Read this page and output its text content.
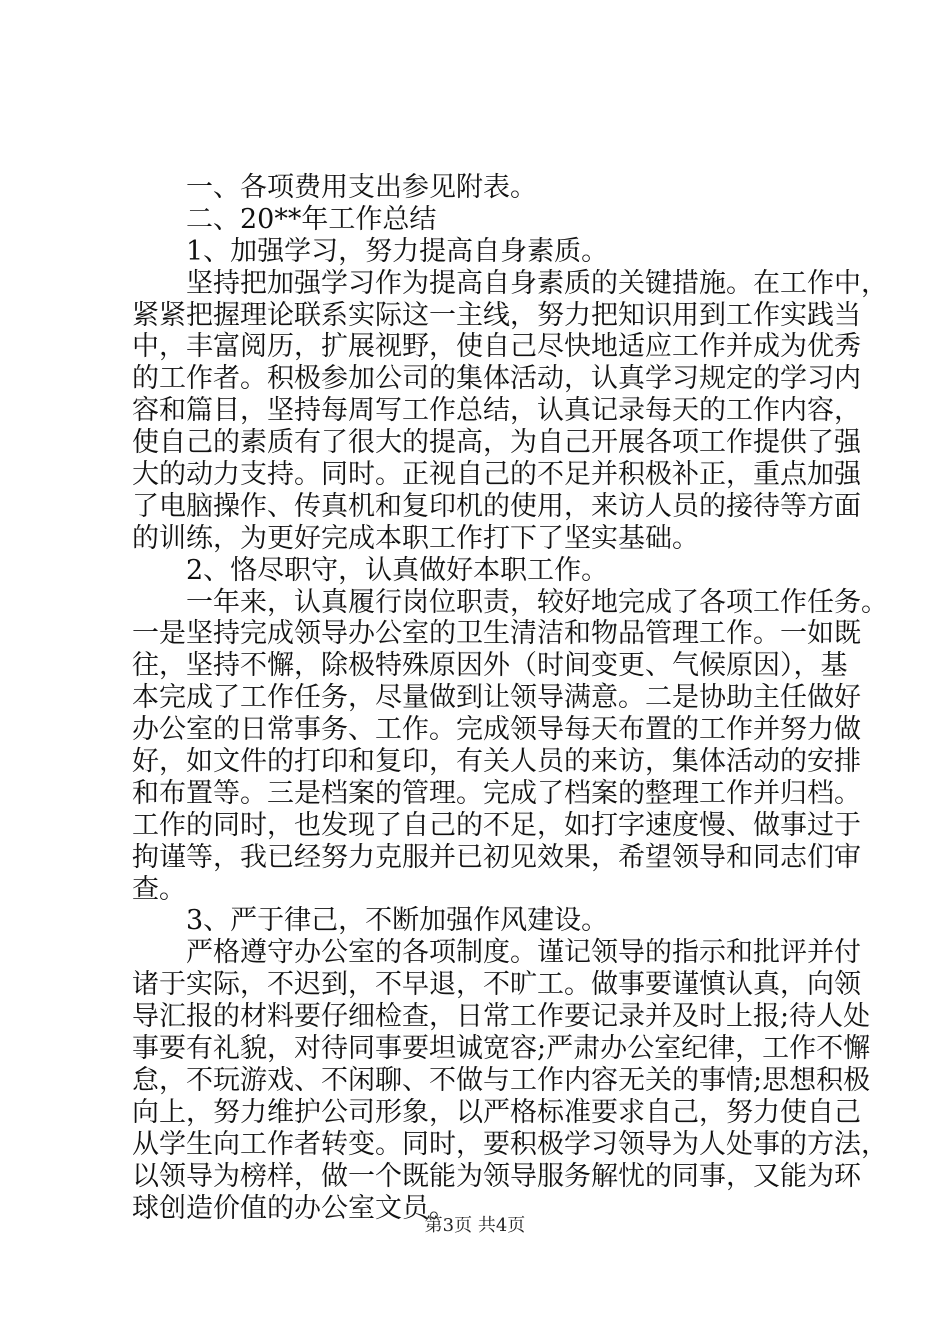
　　一、各项费用支出参见附表。
　　二、20**年工作总结
　　1、加强学习，努力提高自身素质。
　　坚持把加强学习作为提高自身素质的关键措施。在工作中，
紧紧把握理论联系实际这一主线，努力把知识用到工作实践当
中，丰富阅历，扩展视野，使自己尽快地适应工作并成为优秀
的工作者。积极参加公司的集体活动，认真学习规定的学习内
容和篇目，坚持每周写工作总结，认真记录每天的工作内容，
使自己的素质有了很大的提高，为自己开展各项工作提供了强
大的动力支持。同时。正视自己的不足并积极补正，重点加强
了电脑操作、传真机和复印机的使用，来访人员的接待等方面
的训练，为更好完成本职工作打下了坚实基础。
　　2、恪尽职守，认真做好本职工作。
　　一年来，认真履行岗位职责，较好地完成了各项工作任务。
一是坚持完成领导办公室的卫生清洁和物品管理工作。一如既
往，坚持不懈，除极特殊原因外（时间变更、气候原因），基
本完成了工作任务，尽量做到让领导满意。二是协助主任做好
办公室的日常事务、工作。完成领导每天布置的工作并努力做
好，如文件的打印和复印，有关人员的来访，集体活动的安排
和布置等。三是档案的管理。完成了档案的整理工作并归档。
工作的同时，也发现了自己的不足，如打字速度慢、做事过于
拘谨等，我已经努力克服并已初见效果，希望领导和同志们审
查。
　　3、严于律己，不断加强作风建设。
　　严格遵守办公室的各项制度。谨记领导的指示和批评并付
诸于实际，不迟到，不早退，不旷工。做事要谨慎认真，向领
导汇报的材料要仔细检查，日常工作要记录并及时上报;待人处
事要有礼貌，对待同事要坦诚宽容;严肃办公室纪律，工作不懈
怠，不玩游戏、不闲聊、不做与工作内容无关的事情;思想积极
向上，努力维护公司形象，以严格标准要求自己，努力使自己
从学生向工作者转变。同时，要积极学习领导为人处事的方法，
以领导为榜样，做一个既能为领导服务解忧的同事，又能为环
球创造价值的办公室文员。
第3页 共4页
